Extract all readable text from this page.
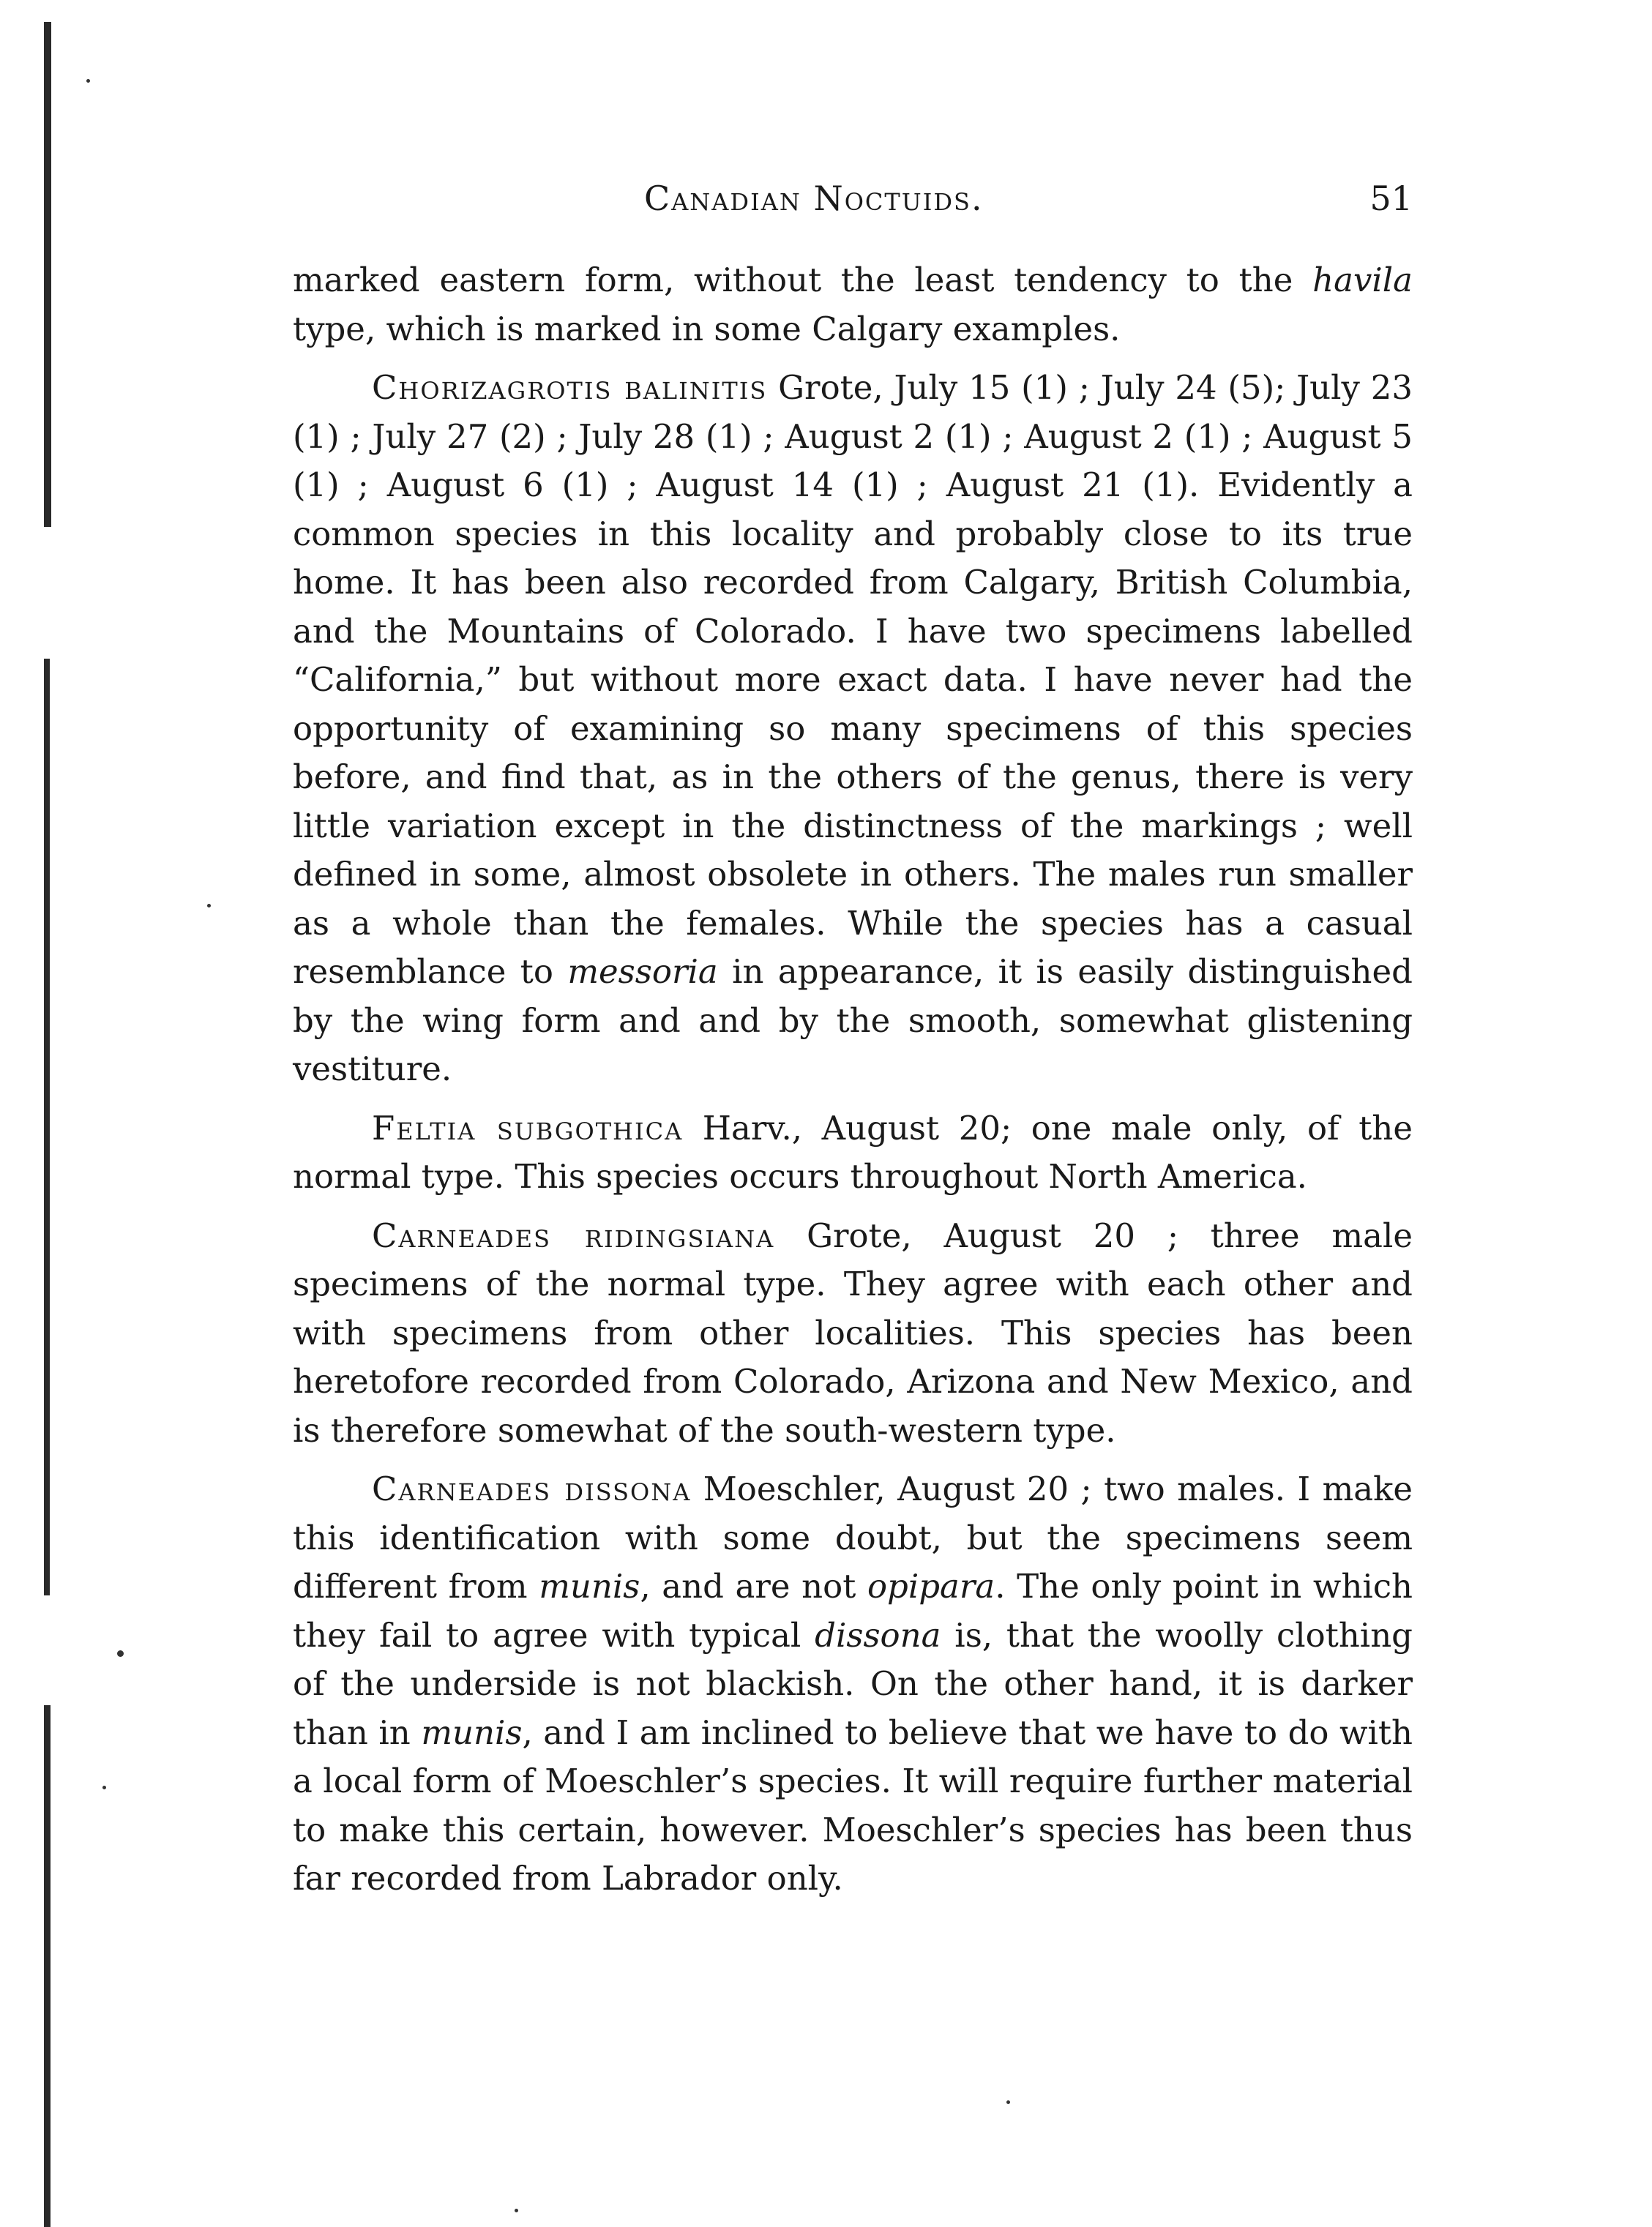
Canadian Noctuids.	51

marked eastern form, without the least tendency to the havila type, which is marked in some Calgary examples.

Chorizagrotis balinitis Grote, July 15 (1) ; July 24 (5); July 23 (1) ; July 27 (2) ; July 28 (1) ; August 2 (1) ; August 2 (1) ; August 5 (1) ; August 6 (1) ; August 14 (1) ; August 21 (1). Evidently a common species in this locality and probably close to its true home. It has been also recorded from Calgary, British Columbia, and the Mountains of Colorado. I have two specimens labelled “California,” but without more exact data. I have never had the opportunity of examining so many specimens of this species before, and find that, as in the others of the genus, there is very little variation except in the distinctness of the markings ; well defined in some, almost obsolete in others. The males run smaller as a whole than the females. While the species has a casual resemblance to messoria in appearance, it is easily distinguished by the wing form and and by the smooth, somewhat glistening vestiture.

Feltia subgothica Harv., August 20; one male only, of the normal type. This species occurs throughout North America.

Carneades ridingsiana Grote, August 20 ; three male specimens of the normal type. They agree with each other and with specimens from other localities. This species has been heretofore recorded from Colorado, Arizona and New Mexico, and is therefore somewhat of the south-western type.

Carneades dissona Moeschler, August 20 ; two males. I make this identification with some doubt, but the specimens seem different from munis, and are not opipara. The only point in which they fail to agree with typical dissona is, that the woolly clothing of the underside is not blackish. On the other hand, it is darker than in munis, and I am inclined to believe that we have to do with a local form of Moeschler’s species. It will require further material to make this certain, however. Moeschler’s species has been thus far recorded from Labrador only.
